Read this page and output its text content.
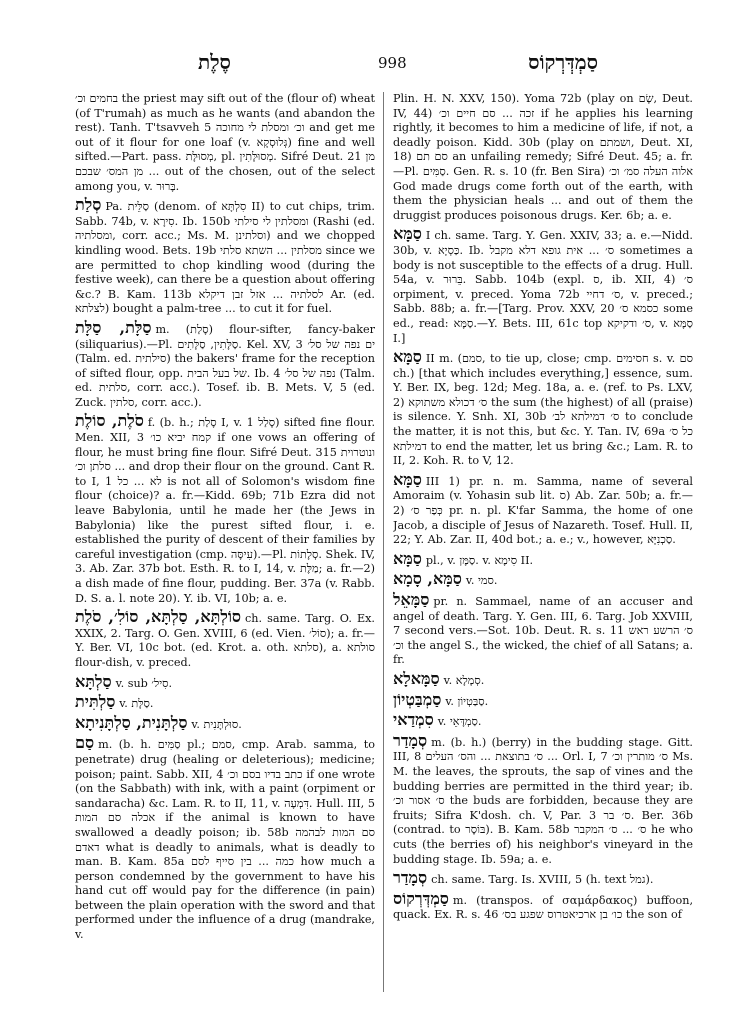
סֶלֶת	998	סַמְדְּרְקוֹס

בחמים וכ׳ the priest may sift out of the (flour of) wheat (of T'rumah) as much as he wants (and abandon the rest). Tanh. T'tsavveh 5 וכ׳ ומסלת לי מחוכה and get me out of it flour for one loaf (v. גְּלוּסְקָא) fine and well sifted.—Part. pass. מְסוּלָּת, pl. מְסוּלָּתִין. Sifré Deut. 21 מן ... מן המס׳ שבכם out of the chosen, out of the select among you, v. בָּרוּר.

סְלַת Pa. סַלֵּית (denom. of סִלְתָּא II) to cut chips, trim. Sabb. 74b, v. סִירָא. Ib. 150b ומסלתין לי סילתי (Rashi (ed. ומסלתיה, corr. acc.; Ms. M. וסלתינן) and we chopped kindling wood. Bets. 19b מסלתין ... השתא סלתי since we are permitted to chop kindling wood (during the festive week), can there be a question about offering &c.? B. Kam. 113b לסלתיה ... אזל זבן דיקלא Ar. (ed. לצלתא) bought a palm-tree ... to cut it for fuel.

סַלָּת, סַלָּת m. (סָלַת) flour-sifter, fancy-baker (siliquarius).—Pl. סַלָּתִין, סַלָּתִים. Kel. XV, 3 ים נפה של סל׳ (Talm. ed. סילתית) the bakers' frame for the reception of sifted flour, opp. של בעל הבית. Ib. 4 נפה של סל׳ (Talm. ed. סלתית, corr. acc.). Tosef. ib. B. Mets. V, 5 (ed. Zuck. סלתין, corr. acc.).

סֹלֶת, סוֹלֶת f. (b. h.; סָלַת I, v. סָלַל 1) sifted fine flour. Men. XII, 3 קמח יביא כו׳ if one vows an offering of flour, he must bring fine flour. Sifré Deut. 315 ונוטרוית ... סלתן וכ׳ and drop their flour on the ground. Cant R. to I, 1 לא ... כל is not all of Solomon's wisdom fine flour (choice)? a. fr.—Kidd. 69b; 71b Ezra did not leave Babylonia, until he made her (the Jews in Babylonia) like the purest sifted flour, i. e. established the purity of descent of their families by careful investigation (cmp. עִיסָּה).—Pl. סְלָתוֹת. Shek. IV, 3. Ab. Zar. 37b bot. Esth. R. to I, 14, v. מַלֶּת; a. fr.—2) a dish made of fine flour, pudding. Ber. 37a (v. Rabb. D. S. a. l. note 20). Y. ib. VI, 10b; a. e.

סוֹלְתָּא, סַלְתָּא, סוֹלִ׳, סֹלֶת ch. same. Targ. O. Ex. XXIX, 2. Targ. O. Gen. XVIII, 6 (ed. Vien. סוֹל׳); a. fr.—Y. Ber. VI, 10c bot. (ed. Krot. a. oth. סלתא), a. סולתא flour-dish, v. preced.

סַלְתָּא v. sub סִיל׳.

סַלְתִּית v. סַלָּת.

סַלְתָּנִית, סַלְתָּנִיתָא v. סוּלְתָּנִית.

סַם m. (b. h. סַמִּים pl.; סמם, cmp. Arab. samma, to penetrate) drug (healing or deleterious); medicine; poison; paint. Sabb. XII, 4 כתב בדיו בסם וכ׳ if one wrote (on the Sabbath) with ink, with a paint (orpiment or sandaracha) &c. Lam. R. to II, 11, v. דִּמְעָה. Hull. III, 5 אכלה סם המות if the animal is known to have swallowed a deadly poison; ib. 58b סם המות לבהמה דאדם what is deadly to animals, what is deadly to man. B. Kam. 85a כמה ... בין סייף לסם how much a person condemned by the government to have his hand cut off would pay for the difference (in pain) between the plain operation with the sword and that performed under the influence of a drug (mandrake, v.

Plin. H. N. XXV, 150). Yoma 72b (play on שָׂם, Deut. IV, 44) זכה ... סם חיים וכ׳ if he applies his learning rightly, it becomes to him a medicine of life, if not, a deadly poison. Kidd. 30b (play on ושמתם, Deut. XI, 18) סם תם an unfailing remedy; Sifré Deut. 45; a. fr.—Pl. סַמִּים. Gen. R. s. 10 (fr. Ben Sira) אלוה העלה סמ׳ וכ׳ God made drugs come forth out of the earth, with them the physician heals ... and out of them the druggist produces poisonous drugs. Ker. 6b; a. e.

סַמָּא I ch. same. Targ. Y. Gen. XXIV, 33; a. e.—Nidd. 30b, v. כַּסְיָא. Ib. ס׳ ... אית גופא דלא מקבל sometimes a body is not susceptible to the effects of a drug. Hull. 54a, v. בֵּרוּר. Sabb. 104b (expl. ס, ib. XII, 4) ס׳ orpiment, v. preced. Yoma 72b ס׳ דחיי, v. preced.; Sabb. 88b; a. fr.—[Targ. Prov. XXV, 20 כסמא ס׳ some ed., read: סַמָּא.—Y. Bets. III, 61c top ס׳ ודקיקא, v. סַמָּא I.]

סַמָּא II m. (סמם, to tie up, close; cmp. חסימים s. v. סם ch.) [that which includes everything,] essence, sum. Y. Ber. IX, beg. 12d; Meg. 18a, a. e. (ref. to Ps. LXV, 2) ס׳ דכולא משתוקא the sum (the highest) of all (praise) is silence. Y. Snh. XI, 30b ס׳ דמילתא לב׳ to conclude the matter, it is not this, but &c. Y. Tan. IV, 69a כל ס׳ דמילתא to end the matter, let us bring &c.; Lam. R. to II, 2. Koh. R. to V, 12.

סַמָּא III 1) pr. n. m. Samma, name of several Amoraim (v. Yohasin sub lit. ס) Ab. Zar. 50b; a. fr.—2) כְּפַר ס׳ pr. n. pl. K'far Samma, the home of one Jacob, a disciple of Jesus of Nazareth. Tosef. Hull. II, 22; Y. Ab. Zar. II, 40d bot.; a. e.; v., however, סַכְנִיָּא.

סַמָּא pl., v. סַמָּן. v. סִימָא II.

סַמָּא, סָמָא v. סמי.

סַמָּאֵל pr. n. Sammael, name of an accuser and angel of death. Targ. Y. Gen. III, 6. Targ. Job XXVIII, 7 second vers.—Sot. 10b. Deut. R. s. 11 ס׳ הרשע ראש וכ׳ the angel S., the wicked, the chief of all Satans; a. fr.

סַמָּאלָא v. סְמָלָא.

סַמְבַּטְיוֹן v. סַבַּטְיוֹן.

סִמְדַאי v. סַמְדָּאֵי.

סְמָדַר m. (b. h.) (berry) in the budding stage. Gitt. III, 8 ס׳ בתוצאת ... והס׳ העלים ... Orl. I, 7 ס׳ מותרין וכ׳ Ms. M. the leaves, the sprouts, the sap of vines and the budding berries are permitted in the third year; ib. ס׳ אסור וכ׳ the buds are forbidden, because they are fruits; Sifra K'dosh. ch. V, Par. 3 ס׳ בר. Ber. 36b (contrad. to בּוֹסֶר). B. Kam. 58b ס׳ ... ס׳ המקבר he who cuts (the berries of) his neighbor's vineyard in the budding stage. Ib. 59a; a. e.

סְמָדַר ch. same. Targ. Is. XVIII, 5 (h. text גמל).

סַמְדְּרְקוֹס m. (transpos. of σαμάρδακος) buffoon, quack. Ex. R. s. 46 כו׳ בן ארכיאטרוס שפגע בס׳ the son of
